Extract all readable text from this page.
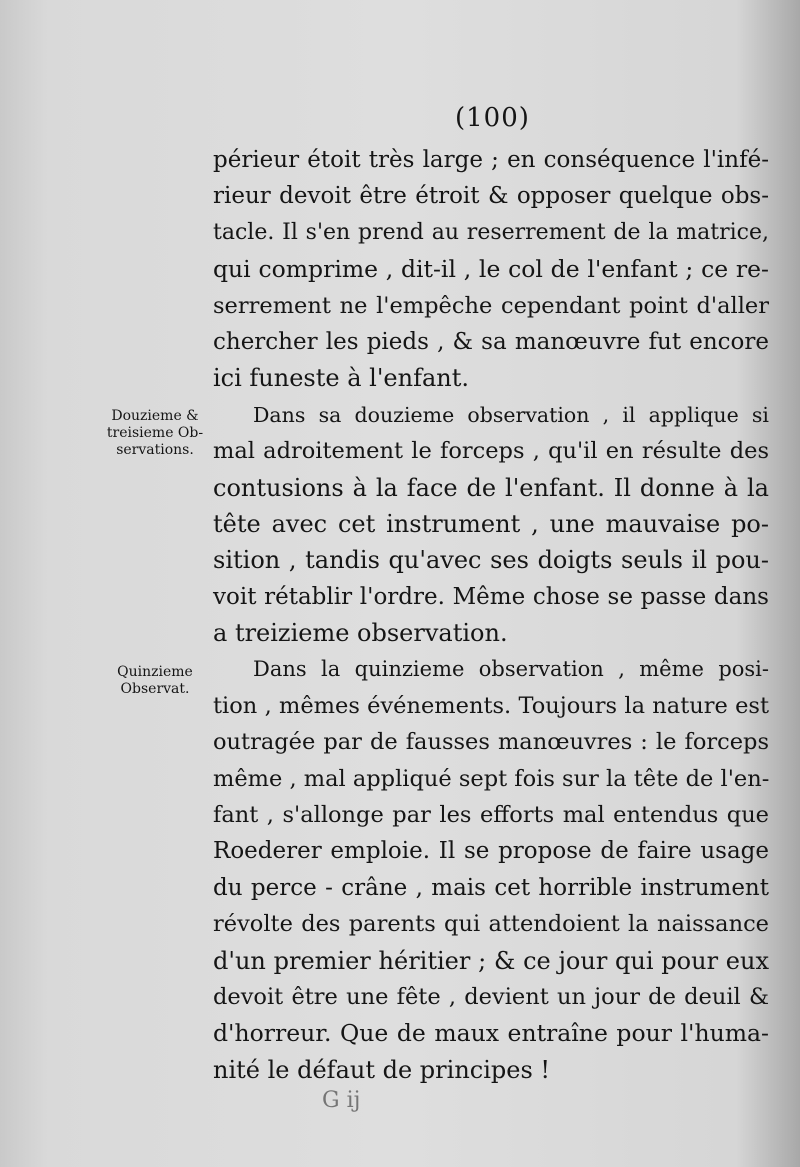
(100)
Douzieme &
treisieme Ob-
servations.
Quinzieme
Observat.
périeur étoit très large ; en conséquence l'infé-
rieur devoit être étroit & opposer quelque obs-
tacle. Il s'en prend au reserrement de la matrice,
qui comprime , dit-il , le col de l'enfant ; ce re-
serrement ne l'empêche cependant point d'aller
chercher les pieds , & sa manœuvre fut encore
ici funeste à l'enfant.
Dans sa douzieme observation , il applique si
mal adroitement le forceps , qu'il en résulte des
contusions à la face de l'enfant. Il donne à la
tête avec cet instrument , une mauvaise po-
sition , tandis qu'avec ses doigts seuls il pou-
voit rétablir l'ordre. Même chose se passe dans
a treizieme observation.
Dans la quinzieme observation , même posi-
tion , mêmes événements. Toujours la nature est
outragée par de fausses manœuvres : le forceps
même , mal appliqué sept fois sur la tête de l'en-
fant , s'allonge par les efforts mal entendus que
Roederer emploie. Il se propose de faire usage
du perce - crâne , mais cet horrible instrument
révolte des parents qui attendoient la naissance
d'un premier héritier ; & ce jour qui pour eux
devoit être une fête , devient un jour de deuil &
d'horreur. Que de maux entraîne pour l'huma-
nité le défaut de principes !
G ij
